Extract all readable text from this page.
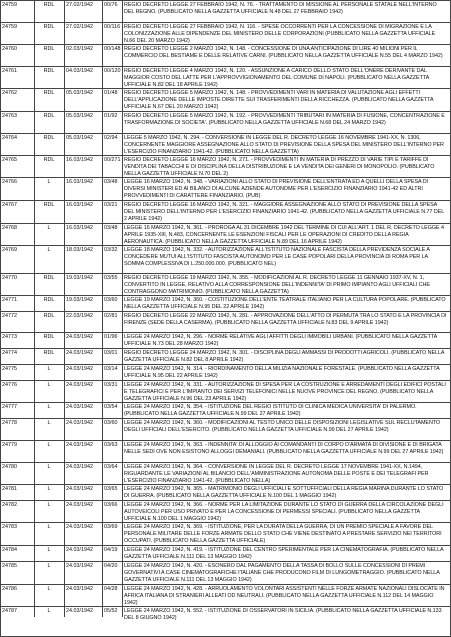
24759	RDL	27.02/1942	00/76	REGIO DECRETO LEGGE 27 FEBBRAIO 1942, N. 76. - TRATTAMENTO DI MISSIONE AL PERSONALE STATALE NELL'INTERNO DEL REGNO. (PUBBLICATO NELLA GAZZETTA UFFICIALE N.48 DEL 27 FEBBRAIO 1942)
24759	RDL	27.02/1942	00/116 REGIO DECRETO LEGGE 27 FEBBRAIO 1942, N. 116. - SPESE OCCORRENTI PER LA CONCESSIONE DI MIGRAZIONE E LA COLONIZZAZIONE ALLE DIPENDENZE DEL MINISTERO DELLE CORPORAZIONI (PUBBLICATO NELLA GAZZETTA UFFICIALE N.66 DEL 20 MARZO 1942)
24760	RDL	02.03/1942	00/148 REGIO DECRETO LEGGE 2 MARZO 1942, N. 148. - CONCESSIONE DI UNA ANTICIPAZIONE DI LIRE 40 MILIONI PER IL COMMERCIO DEL BESTIAME E DELLE RELATIVE CARNI. (PUBBLICATO NELLA GAZZETTA UFFICIALE N.55 DEL 4 MARZO 1942)
24761	RDL	04.03/1942	00/120 REGIO DECRETO LEGGE 4 MARZO 1942, N. 120. - ASSUNZIONE A CARICO DELLO STATO DELL'ONERE DERIVANTE DAL MAGGIOR COSTO DEL LATTE PER L'APPROVVIGIONAMENTO DEL COMUNE DI NAPOLI. (PUBBLICATO NELLA GAZZETTA UFFICIALE N.82 DEL 18 APRILE 1942)
24762	RDL	05.03/1942	01/48	REGIO DECRETO LEGGE 5 MARZO 1942, N. 148. - PROVVEDIMENTI VARI IN MATERIA DI VALUTAZIONE AGLI EFFETTI DELL'APPLICAZIONE DELLE IMPOSTE DIRETTE SUI TRASFERIMENTI DELLA RICCHEZZA. (PUBBLICATO NELLA GAZZETTA UFFICIALE N.67 DEL 20 MARZO 1942)
24763	RDL	05.03/1942	01/92	REGIO DECRETO LEGGE 5 MARZO 1942, N. 192. - PROVVEDIMENTI TRIBUTARI IN MATERIA DI FUSIONE, CONCENTRAZIONE E TRASFORMAZIONE DI SOCIETA'. (PUBBLICATO NELLA GAZZETTA UFFICIALE N.68 DEL 24 MARZO 1942)
24764	RDL	05.03/1942	02/94	LEGGE 5 MARZO 1942, N. 294. - CONVERSIONE IN LEGGE DEL R. DECRETO LEGGE 16 NOVEMBRE 1941-XX, N. 1306, CONCERNENTE MAGGIORE ASSEGNAZIONE ALLO STATO DI PREVISIONE DELLA SPESA DEL MINISTERO DELL'INTERNO PER L'ESERCIZIO FINANZIARIO 1941-42. (PUBBLICATO NELLA GAZZETTA)
24765	RDL	16.03/1942	00/271 REGIO DECRETO LEGGE 16 MARZO 1942, N. 271. - PROVVEDIMENTI IN MATERIA DI PREZZO DI VARIE TIPI E TARIFFE DI VENDITA DEI TABACCHI E DI DISCIPLINA DELLA DISTRIBUZIONE E LA VENDITA DEI GENERI DI MONOPOLIO. (PUBBLICATO NELLA GAZZETTA UFFICIALE N.70 DEL 2)
24766	L	16.03/1942	03/48	LEGGE 16 MARZO 1942, N. 348. - VARIAZIONI ALLO STATO DI PREVISIONE DELL'ENTRATA ED A QUELLI DELLA SPESA DI DIVERSI MINISTERI ED AI BILANCI DI ALCUNE AZIENDE AUTONOME PER L'ESERCIZIO FINANZIARIO 1941-42 ED ALTRI PROVVEDIMENTI DI CARATTERE FINANZIARIO. (PUB)
24767	RDL	16.03/1942	03/21	REGIO DECRETO LEGGE 16 MARZO 1942, N. 321. - MAGGIORE ASSEGNAZIONE ALLO STATO DI PREVISIONE DELLA SPESA DEL MINISTERO DELL'INTERNO PER L'ESERCIZIO FINANZIARIO 1941-42. (PUBBLICATO NELLA GAZZETTA UFFICIALE N.77 DEL 2 APRILE 1942)
24768	L	16.03/1942	03/48	LEGGE 16 MARZO 1942, N. 361. - PROROGA AL 31 DICEMBRE 1942 DEL TERMINE DI CUI ALL'ART. 1 DEL R. DECRETO LEGGE 4 APRILE 1935-XIII, N.483, CONCERNENTE LE ESENZIONI FISCALI PER LE OPERAZIONI DI CREDITO DELLA REGIA AERONAUTICA. (PUBBLICATO NELLA GAZZETTA UFFICIALE N.89 DEL 16 APRILE 1942)
24769	L	18.03/1942	03/32	LEGGE 18 MARZO 1942, N. 332. - AUTORIZZAZIONE ALL'ISTITUTO NAZIONALE FASCISTA DELLA PREVIDENZA SOCIALE A CONCEDERE MUTUI ALL'ISTITUTO FASCISTA AUTONOMO PER LE CASE POPOLARI DELLA PROVINCIA DI ROMA PER LA SOMMA COMPLESSIVA DI L.250.000.000. (PUBBLICATO NEL)
24770	RDL	19.03/1942	03/55	REGIO DECRETO LEGGE 19 MARZO 1942, N. 355. - MODIFICAZIONI AL R. DECRETO LEGGE 11 GENNAIO 1937-XV, N. 1, CONVERTITO IN LEGGE, RELATIVO ALLA CORRESPONSIONE DELL'INDENNITA' DI PRIMO IMPIANTO AGLI UFFICIALI CHE CONTRAGGONO MATRIMONIO. (PUBBLICATO NELLA GAZZETTA)
24771	RDL	19.03/1942	03/60	LEGGE 19 MARZO 1942, N. 360. - COSTITUZIONE DELL'ENTE TEATRALE ITALIANO PER LA CULTURA POPOLARE. (PUBBLICATO NELLA GAZZETTA UFFICIALE N.95 DEL 22 APRILE 1942)
24772	RDL	22.03/1942	02/81	REGIO DECRETO LEGGE 22 MARZO 1942, N. 281. - APPROVAZIONE DELL'ATTO DI PERMUTA TRA LO STATO E LA PROVINCIA DI FIRENZE (SEDE DELLA CASERMA). (PUBBLICATO NELLA GAZZETTA UFFICIALE N.83 DEL 9 APRILE 1942)
24773	RDL	24.03/1942	01/96	LEGGE 24 MARZO 1942, N. 296. - NORME RELATIVE AGLI AFFITTI DEGLI IMMOBILI URBANI. (PUBBLICATO NELLA GAZZETTA UFFICIALE N.73 DEL 28 MARZO 1942)
24774	RDL	24.03/1942	03/01	REGIO DECRETO LEGGE 24 MARZO 1942, N. 301. - DISCIPLINA DEGLI AMMASSI DI PRODOTTI AGRICOLI. (PUBBLICATO NELLA GAZZETTA UFFICIALE N.82 DEL 8 APRILE 1942)
24775	L	24.03/1942	03/14	LEGGE 24 MARZO 1942, N. 314. - RIORDINAMENTO DELLA MILIZIA NAZIONALE FORESTALE. (PUBBLICATO NELLA GAZZETTA UFFICIALE N.95 DEL 22 APRILE 1942)
24776	L	24.03/1942	03/31	LEGGE 24 MARZO 1942, N. 331. - AUTORIZZAZIONE DI SPESA PER LA COSTRUZIONE E ARREDAMENTI DEGLI EDIFICI POSTALI E TELEGRAFICI E PER L'IMPIANTO DEI SERVIZI TELEFONICI NELLE NUOVE PROVINCE DEL REGNO. (PUBBLICATO NELLA GAZZETTA UFFICIALE N.96 DEL 23 APRILE 1942)
24777	L	24.03/1942	03/54	LEGGE 24 MARZO 1942, N. 354. - ISTITUZIONE DEL REGIO ISTITUTO DI CLINICA MEDICA UNIVERSITA' DI PALERMO. (PUBBLICATO NELLA GAZZETTA UFFICIALE N.99 DEL 27 APRILE 1942)
24778	L	24.03/1942	03/60	LEGGE 24 MARZO 1942, N. 360. - MODIFICAZIONI AL TESTO UNICO DELLE DISPOSIZIONI LEGISLATIVE SUL RECLUTAMENTO DEGLI UFFICIALI DELL'ESERCITO. (PUBBLICATO NELLA GAZZETTA UFFICIALE N.99 DEL 27 APRILE 1942)
24779	L	24.03/1942	03/63	LEGGE 24 MARZO 1942, N. 363. - INDENNITA' DI ALLOGGIO AI COMANDANTI DI CORPO D'ARMATA DI DIVISIONE E DI BRIGATA NELLE SEDI OVE NON ESISTONO ALLOGGI DEMANIALI. (PUBBLICATO NELLA GAZZETTA UFFICIALE N.99 DEL 27 APRILE 1942)
24780	L	24.03/1942	03/64	LEGGE 24 MARZO 1942, N. 364. - CONVERSIONE IN LEGGE DEL R. DECRETO LEGGE 17 NOVEMBRE 1941-XX, N.1494, RIGUARDANTE LE VARIAZIONI AL BILANCIO DELL'AMMINISTRAZIONE AUTONOMA DELLE POSTE E DEI TELEGRAFI PER L'ESERCIZIO FINANZIARIO 1941-42. (PUBBLICATO NELLA)
24781	L	24.03/1942	03/65	LEGGE 24 MARZO 1942, N. 365. - MATRIMONIO DEGLI UFFICIALI E SOTTUFFICIALI DELLA REGIA MARINA DURANTE LO STATO DI GUERRA. (PUBBLICATO NELLA GAZZETTA UFFICIALE N.100 DEL 1 MAGGIO 1942)
24782	L	24.03/1942	03/66	LEGGE 24 MARZO 1942, N. 366. - NORME PER LA LIMITAZIONE DURANTE LO STATO DI GUERRA DELLA CIRCOLAZIONE DEGLI AUTOVEICOLI PER USO PRIVATO E PER LA CONCESSIONE DI PERMESSI SPECIALI. (PUBBLICATO NELLA GAZZETTA UFFICIALE N.100 DEL 1 MAGGIO 1942)
24783	L	24.03/1942	03/69	LEGGE 24 MARZO 1942, N. 369. - ISTITUZIONE, PER LA DURATA DELLA GUERRA, DI UN PREMIO SPECIALE A FAVORE DEL PERSONALE MILITARE DELLE FORZE ARMATE DELLO STATO CHE VIENE DESTINATO A PRESTARE SERVIZIO NEI TERRITORI OCCUPATI. (PUBBLICATO NELLA GAZZETTA UFFICIALE)
24784	L	24.03/1942	04/19	LEGGE 24 MARZO 1942, N. 419. - ISTITUZIONE DEL CENTRO SPERIMENTALE PER LA CINEMATOGRAFIA. (PUBBLICATO NELLA GAZZETTA UFFICIALE N.111 DEL 13 MAGGIO 1942)
24785	L	24.03/1942	04/20	LEGGE 24 MARZO 1942, N. 420. - ESONERO DAL PAGAMENTO DELLA TASSA DI BOLLO SULLE CONCESSIONI DI PREMI GOVERNATIVI A CASE CINEMATOGRAFICHE ITALIANE CHE PRODUCONO FILM DI LUNGOMETRAGGIO. (PUBBLICATO NELLA GAZZETTA UFFICIALE N.111 DEL 13 MAGGIO 1942)
24786	L	24.03/1942	04/28	LEGGE 24 MARZO 1942, N. 428. - ARRUOLAMENTO VOLONTARI ASSISTENTI NELLE FORZE ARMATE NAZIONALI DISLOCATE IN AFRICA ITALIANA DI STRANIERI ALLEATI OD NEUTRALI. (PUBBLICATO NELLA GAZZETTA UFFICIALE N.112 DEL 14 MAGGIO 1942)
24787	L	24.03/1942	05/52	LEGGE 24 MARZO 1942, N. 552. - ISTITUZIONE DI OSSERVATORI IN SICILIA. (PUBBLICATO NELLA GAZZETTA UFFICIALE N.133 DEL 8 GIUGNO 1942)
